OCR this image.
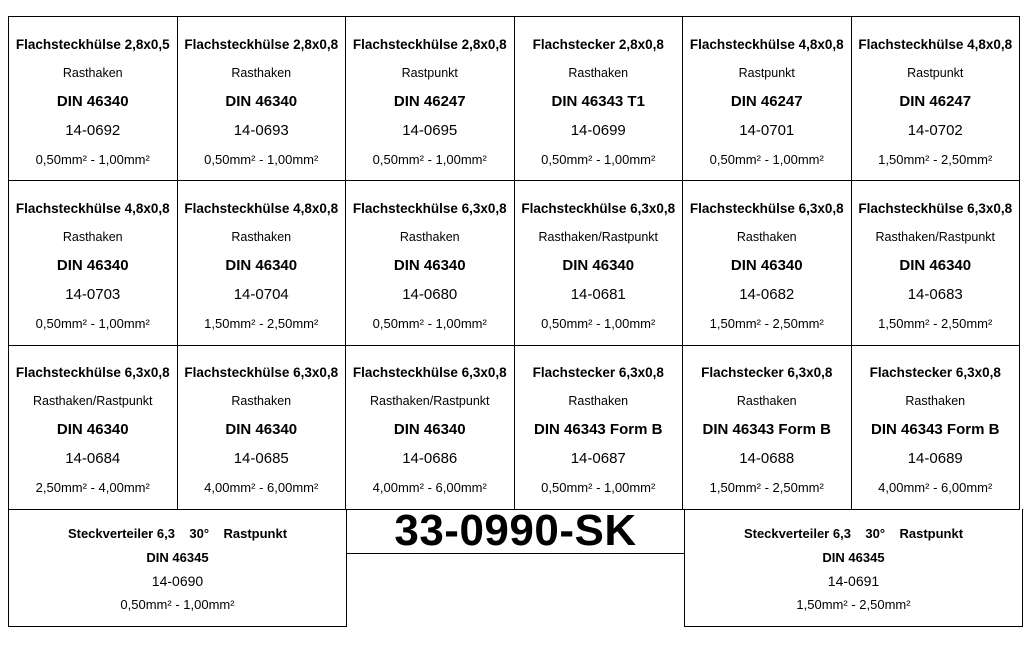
Flachsteckhülse 2,8x0,5
Rasthaken
DIN 46340
14-0692
0,50mm² - 1,00mm²
Flachsteckhülse 2,8x0,8
Rasthaken
DIN 46340
14-0693
0,50mm² - 1,00mm²
Flachsteckhülse 2,8x0,8
Rastpunkt
DIN 46247
14-0695
0,50mm² - 1,00mm²
Flachstecker 2,8x0,8
Rasthaken
DIN 46343 T1
14-0699
0,50mm² - 1,00mm²
Flachsteckhülse 4,8x0,8
Rastpunkt
DIN 46247
14-0701
0,50mm² - 1,00mm²
Flachsteckhülse 4,8x0,8
Rastpunkt
DIN 46247
14-0702
1,50mm² - 2,50mm²
Flachsteckhülse 4,8x0,8
Rasthaken
DIN 46340
14-0703
0,50mm² - 1,00mm²
Flachsteckhülse 4,8x0,8
Rasthaken
DIN 46340
14-0704
1,50mm² - 2,50mm²
Flachsteckhülse 6,3x0,8
Rasthaken
DIN 46340
14-0680
0,50mm² - 1,00mm²
Flachsteckhülse 6,3x0,8
Rasthaken/Rastpunkt
DIN 46340
14-0681
0,50mm² - 1,00mm²
Flachsteckhülse 6,3x0,8
Rasthaken
DIN 46340
14-0682
1,50mm² - 2,50mm²
Flachsteckhülse 6,3x0,8
Rasthaken/Rastpunkt
DIN 46340
14-0683
1,50mm² - 2,50mm²
Flachsteckhülse 6,3x0,8
Rasthaken/Rastpunkt
DIN 46340
14-0684
2,50mm² - 4,00mm²
Flachsteckhülse 6,3x0,8
Rasthaken
DIN 46340
14-0685
4,00mm² - 6,00mm²
Flachsteckhülse 6,3x0,8
Rasthaken/Rastpunkt
DIN 46340
14-0686
4,00mm² - 6,00mm²
Flachstecker 6,3x0,8
Rasthaken
DIN 46343 Form B
14-0687
0,50mm² - 1,00mm²
Flachstecker 6,3x0,8
Rasthaken
DIN 46343 Form B
14-0688
1,50mm² - 2,50mm²
Flachstecker 6,3x0,8
Rasthaken
DIN 46343 Form B
14-0689
4,00mm² - 6,00mm²
Steckverteiler 6,3    30°    Rastpunkt
DIN 46345
14-0690
0,50mm² - 1,00mm²
33-0990-SK	Steckverteiler 6,3    30°    Rastpunkt
DIN 46345
14-0691
1,50mm² - 2,50mm²
